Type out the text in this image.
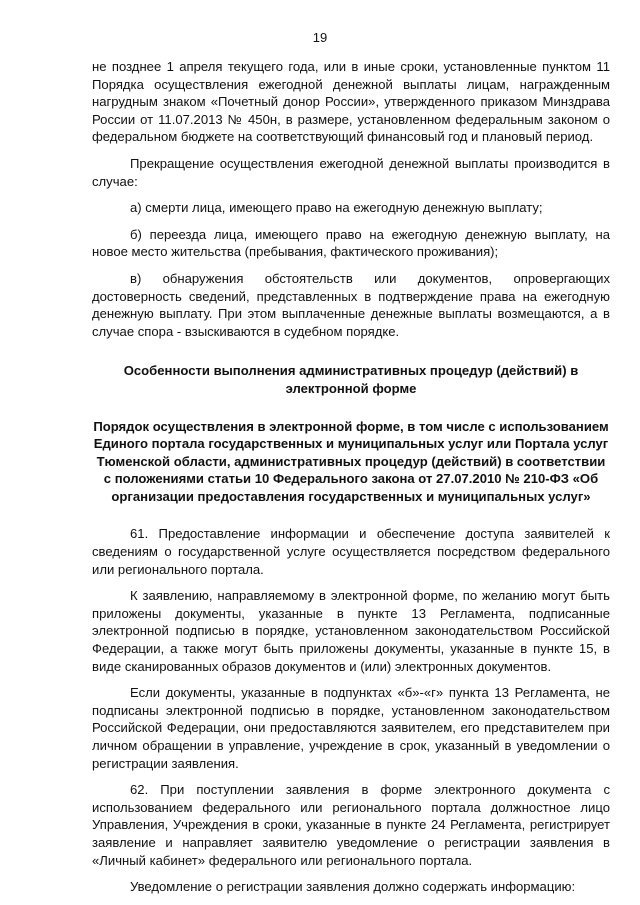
19

не позднее 1 апреля текущего года, или в иные сроки, установленные пунктом 11 Порядка осуществления ежегодной денежной выплаты лицам, награжденным нагрудным знаком «Почетный донор России», утвержденного приказом Минздрава России от 11.07.2013 № 450н, в размере, установленном федеральным законом о федеральном бюджете на соответствующий финансовый год и плановый период.

Прекращение осуществления ежегодной денежной выплаты производится в случае:

а) смерти лица, имеющего право на ежегодную денежную выплату;

б) переезда лица, имеющего право на ежегодную денежную выплату, на новое место жительства (пребывания, фактического проживания);

в) обнаружения обстоятельств или документов, опровергающих достоверность сведений, представленных в подтверждение права на ежегодную денежную выплату. При этом выплаченные денежные выплаты возмещаются, а в случае спора - взыскиваются в судебном порядке.

Особенности выполнения административных процедур (действий) в электронной форме

Порядок осуществления в электронной форме, в том числе с использованием Единого портала государственных и муниципальных услуг или Портала услуг Тюменской области, административных процедур (действий) в соответствии с положениями статьи 10 Федерального закона от 27.07.2010 № 210-ФЗ «Об организации предоставления государственных и муниципальных услуг»

61. Предоставление информации и обеспечение доступа заявителей к сведениям о государственной услуге осуществляется посредством федерального или регионального портала.

К заявлению, направляемому в электронной форме, по желанию могут быть приложены документы, указанные в пункте 13 Регламента, подписанные электронной подписью в порядке, установленном законодательством Российской Федерации, а также могут быть приложены документы, указанные в пункте 15, в виде сканированных образов документов и (или) электронных документов.

Если документы, указанные в подпунктах «б»-«г» пункта 13 Регламента, не подписаны электронной подписью в порядке, установленном законодательством Российской Федерации, они предоставляются заявителем, его представителем при личном обращении в управление, учреждение в срок, указанный в уведомлении о регистрации заявления.

62. При поступлении заявления в форме электронного документа с использованием федерального или регионального портала должностное лицо Управления, Учреждения в сроки, указанные в пункте 24 Регламента, регистрирует заявление и направляет заявителю уведомление о регистрации заявления в «Личный кабинет» федерального или регионального портала.

Уведомление о регистрации заявления должно содержать информацию:
